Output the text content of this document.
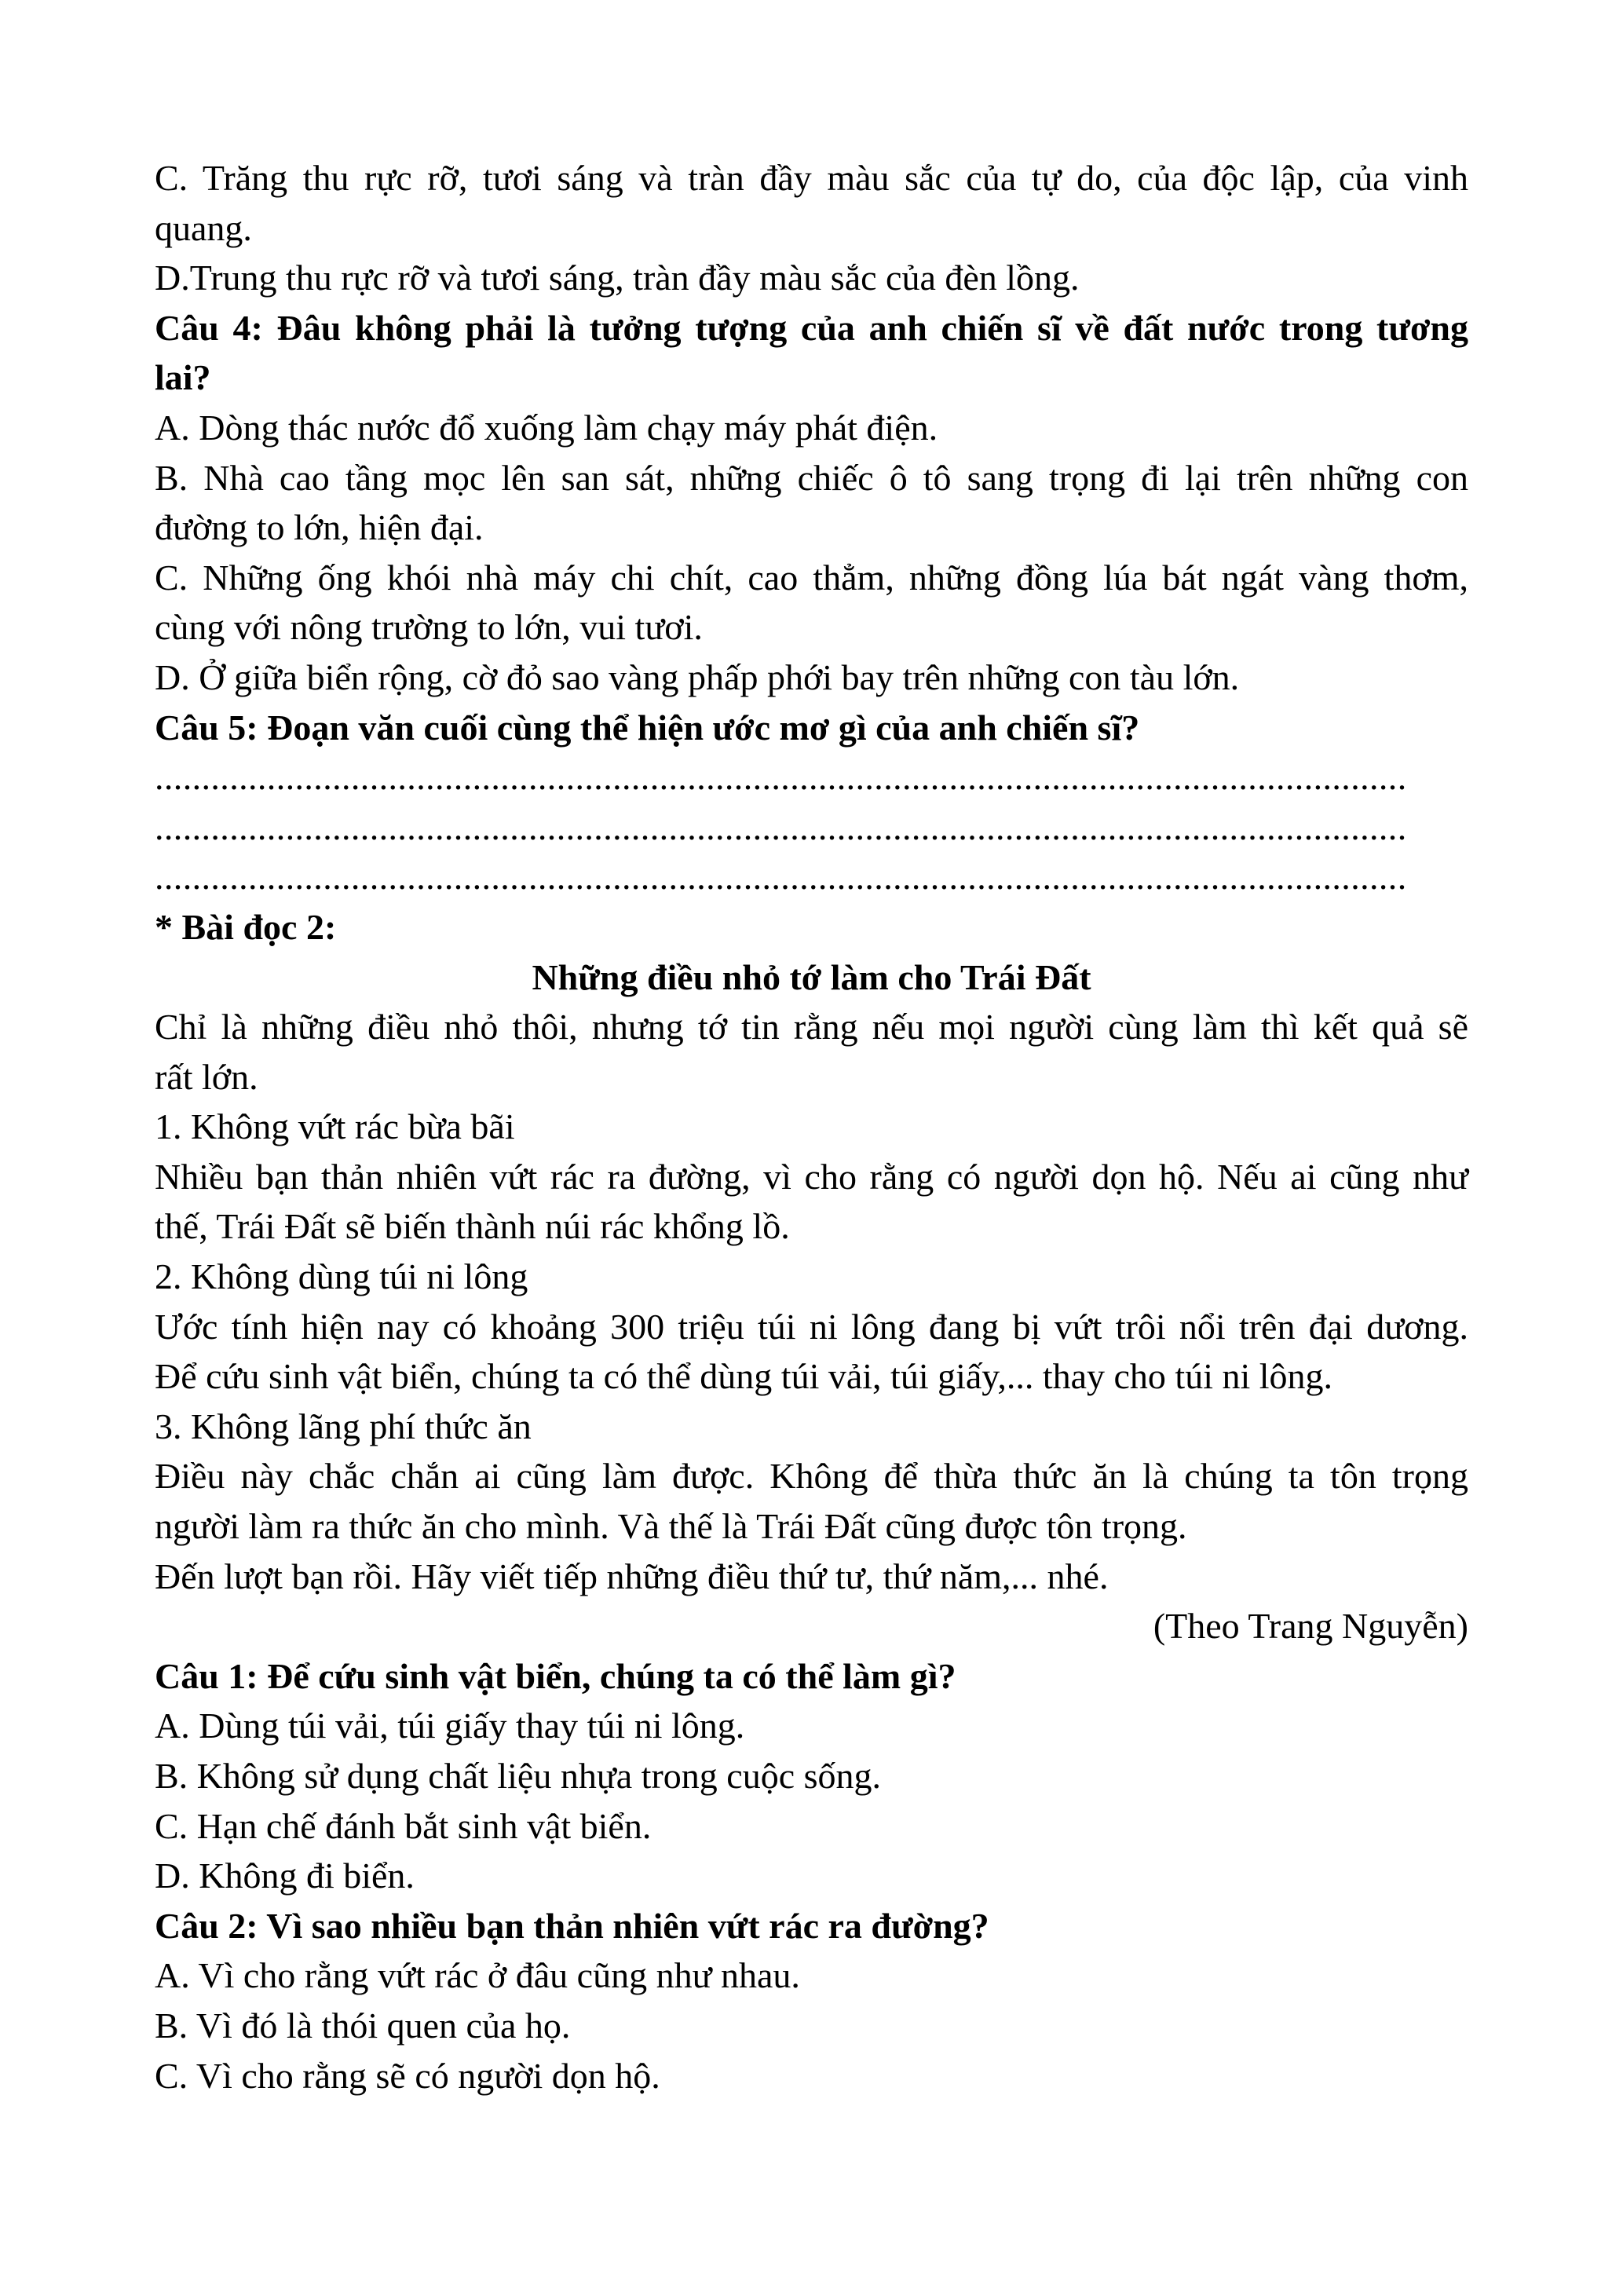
C. Trăng thu rực rỡ, tươi sáng và tràn đầy màu sắc của tự do, của độc lập, của vinh
quang.
D.Trung thu rực rỡ và tươi sáng, tràn đầy màu sắc của đèn lồng.
Câu 4: Đâu không phải là tưởng tượng của anh chiến sĩ về đất nước trong tương
lai?
A. Dòng thác nước đổ xuống làm chạy máy phát điện.
B. Nhà cao tầng mọc lên san sát, những chiếc ô tô sang trọng đi lại trên những con
đường to lớn, hiện đại.
C. Những ống khói nhà máy chi chít, cao thẳm, những đồng lúa bát ngát vàng thơm,
cùng với nông trường to lớn, vui tươi.
D. Ở giữa biển rộng, cờ đỏ sao vàng phấp phới bay trên những con tàu lớn.
Câu 5: Đoạn văn cuối cùng thể hiện ước mơ gì của anh chiến sĩ?
......................................................................................................................................
......................................................................................................................................
......................................................................................................................................
* Bài đọc 2:
Những điều nhỏ tớ làm cho Trái Đất
Chỉ là những điều nhỏ thôi, nhưng tớ tin rằng nếu mọi người cùng làm thì kết quả sẽ
rất lớn.
1. Không vứt rác bừa bãi
Nhiều bạn thản nhiên vứt rác ra đường, vì cho rằng có người dọn hộ. Nếu ai cũng như
thế, Trái Đất sẽ biến thành núi rác khổng lồ.
2. Không dùng túi ni lông
Ước tính hiện nay có khoảng 300 triệu túi ni lông đang bị vứt trôi nổi trên đại dương.
Để cứu sinh vật biển, chúng ta có thể dùng túi vải, túi giấy,... thay cho túi ni lông.
3. Không lãng phí thức ăn
Điều này chắc chắn ai cũng làm được. Không để thừa thức ăn là chúng ta tôn trọng
người làm ra thức ăn cho mình. Và thế là Trái Đất cũng được tôn trọng.
Đến lượt bạn rồi. Hãy viết tiếp những điều thứ tư, thứ năm,... nhé.
(Theo Trang Nguyễn)
Câu 1: Để cứu sinh vật biển, chúng ta có thể làm gì?
A. Dùng túi vải, túi giấy thay túi ni lông.
B. Không sử dụng chất liệu nhựa trong cuộc sống.
C. Hạn chế đánh bắt sinh vật biển.
D. Không đi biển.
Câu 2: Vì sao nhiều bạn thản nhiên vứt rác ra đường?
A. Vì cho rằng vứt rác ở đâu cũng như nhau.
B. Vì đó là thói quen của họ.
C. Vì cho rằng sẽ có người dọn hộ.
